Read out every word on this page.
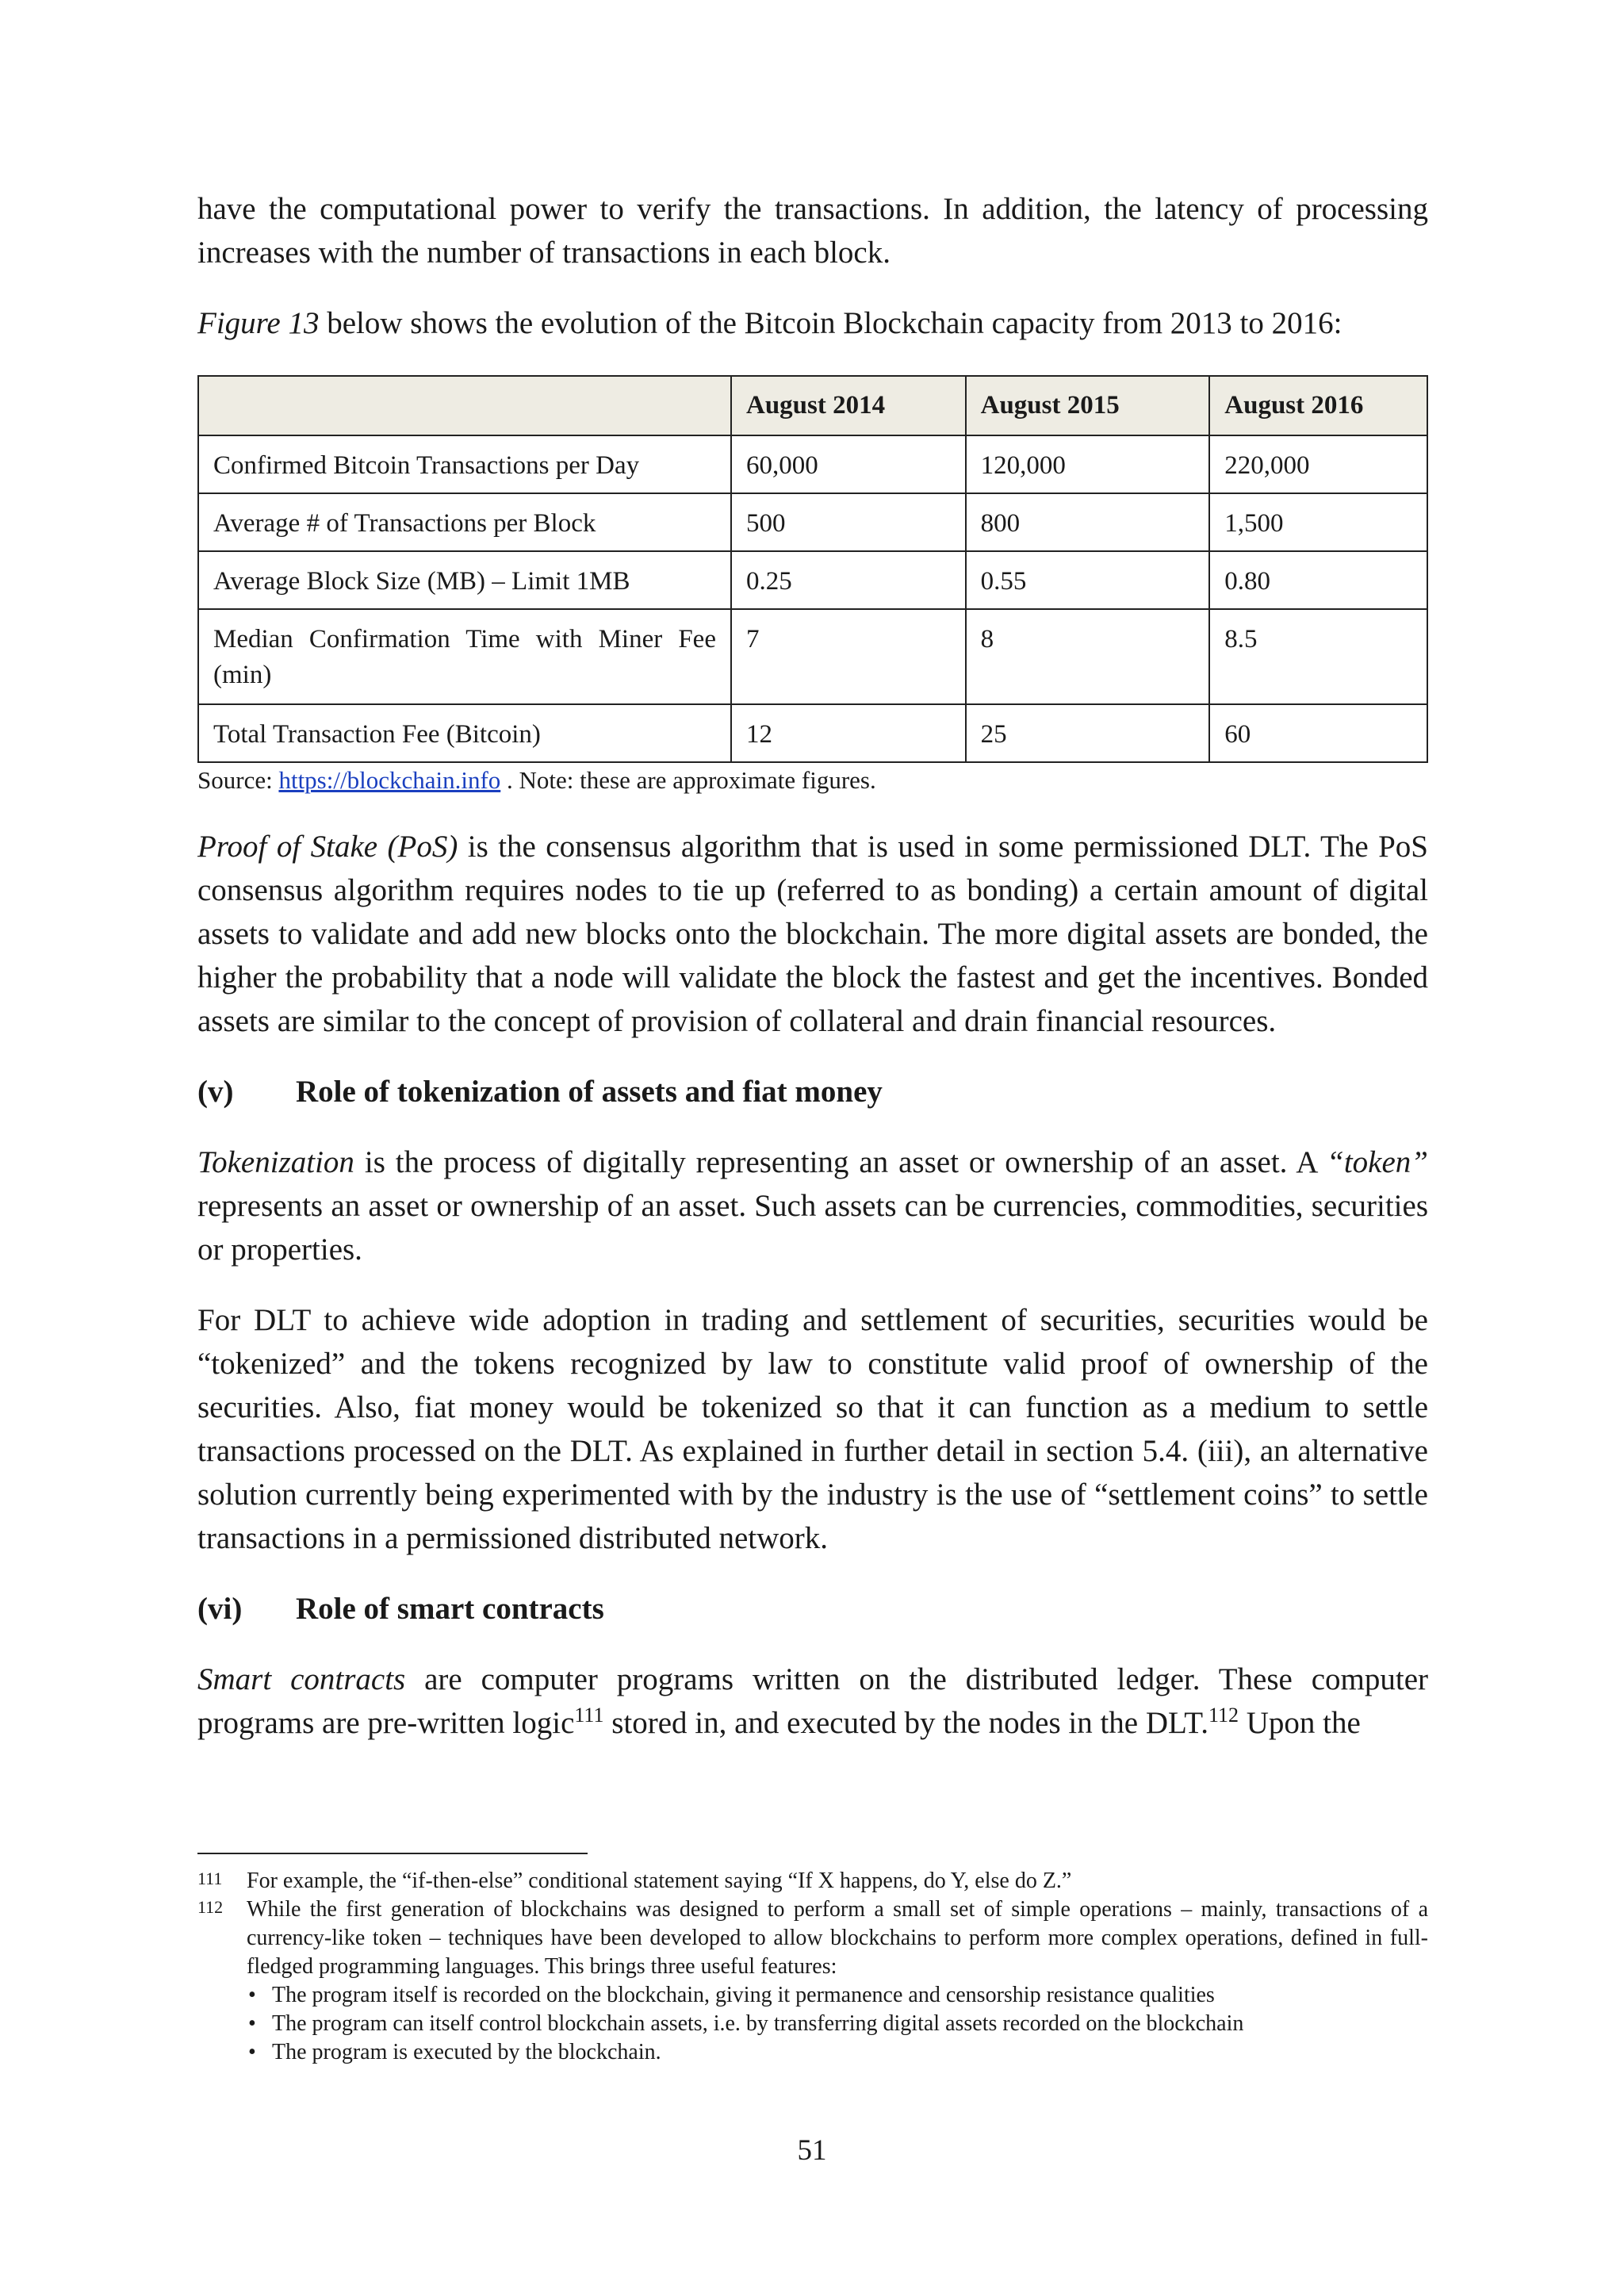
have the computational power to verify the transactions. In addition, the latency of processing increases with the number of transactions in each block.

Figure 13 below shows the evolution of the Bitcoin Blockchain capacity from 2013 to 2016:

	August 2014	August 2015	August 2016
Confirmed Bitcoin Transactions per Day	60,000	120,000	220,000
Average # of Transactions per Block	500	800	1,500
Average Block Size (MB) – Limit 1MB	0.25	0.55	0.80
Median Confirmation Time with Miner Fee (min)	7	8	8.5
Total Transaction Fee (Bitcoin)	12	25	60
Source: https://blockchain.info . Note: these are approximate figures.

Proof of Stake (PoS) is the consensus algorithm that is used in some permissioned DLT. The PoS consensus algorithm requires nodes to tie up (referred to as bonding) a certain amount of digital assets to validate and add new blocks onto the blockchain. The more digital assets are bonded, the higher the probability that a node will validate the block the fastest and get the incentives. Bonded assets are similar to the concept of provision of collateral and drain financial resources.

(v) Role of tokenization of assets and fiat money

Tokenization is the process of digitally representing an asset or ownership of an asset. A “token” represents an asset or ownership of an asset. Such assets can be currencies, commodities, securities or properties.

For DLT to achieve wide adoption in trading and settlement of securities, securities would be “tokenized” and the tokens recognized by law to constitute valid proof of ownership of the securities. Also, fiat money would be tokenized so that it can function as a medium to settle transactions processed on the DLT. As explained in further detail in section 5.4. (iii), an alternative solution currently being experimented with by the industry is the use of “settlement coins” to settle transactions in a permissioned distributed network.

(vi) Role of smart contracts

Smart contracts are computer programs written on the distributed ledger. These computer programs are pre-written logic$^{111}$ stored in, and executed by the nodes in the DLT.$^{112}$ Upon the

111	For example, the “if-then-else” conditional statement saying “If X happens, do Y, else do Z.”
112	While the first generation of blockchains was designed to perform a small set of simple operations – mainly, transactions of a currency-like token – techniques have been developed to allow blockchains to perform more complex operations, defined in full-fledged programming languages. This brings three useful features:
• The program itself is recorded on the blockchain, giving it permanence and censorship resistance qualities
• The program can itself control blockchain assets, i.e. by transferring digital assets recorded on the blockchain
• The program is executed by the blockchain.
51
